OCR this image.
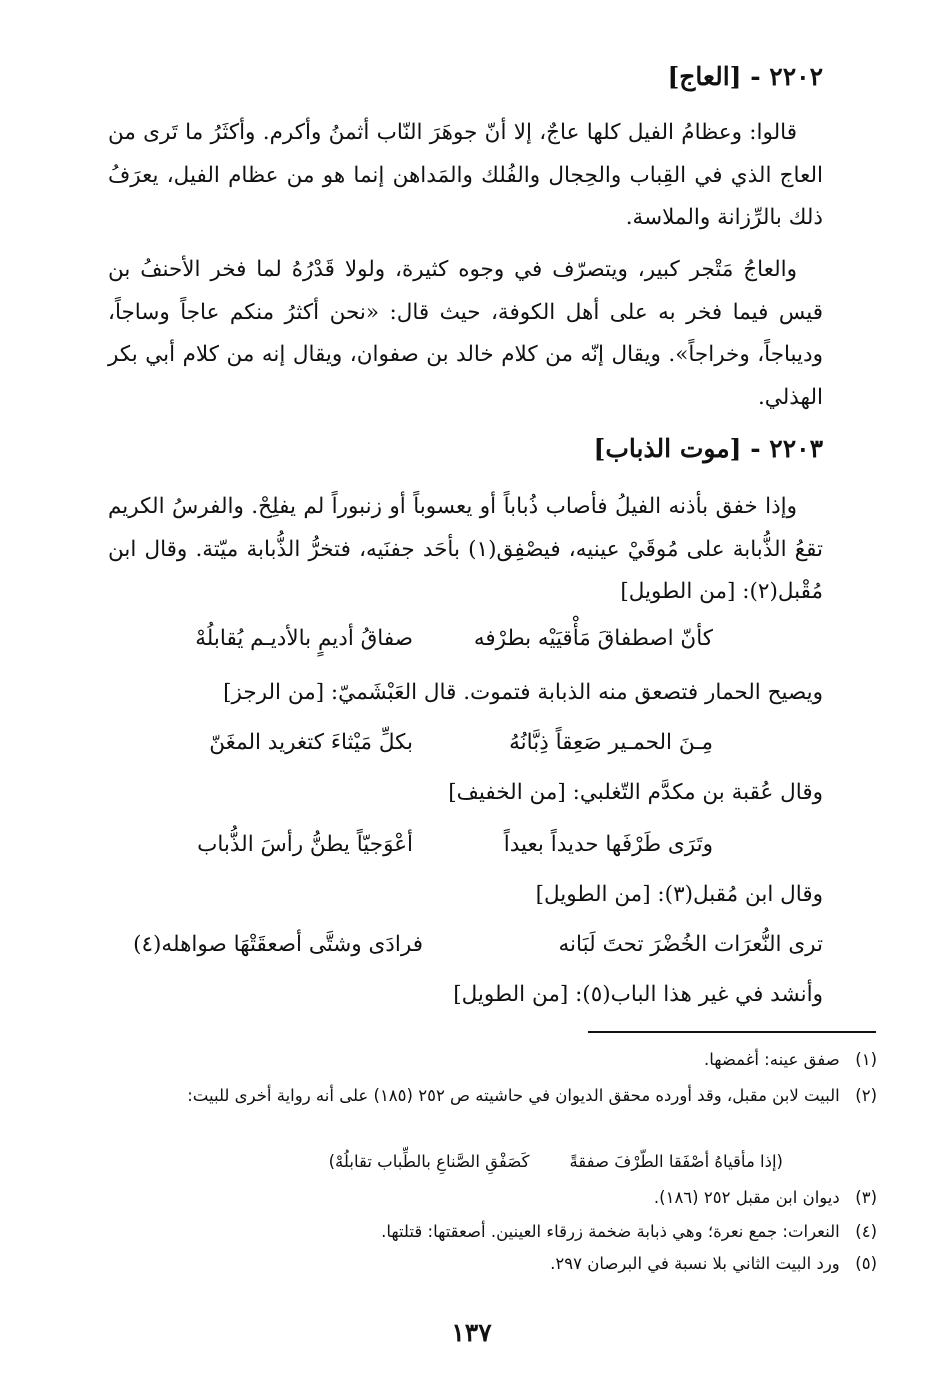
٢٢٠٢ - [العاج]

قالوا: وعظامُ الفيل كلها عاجٌ، إلا أنّ جوهَرَ النّاب أثمنُ وأكرم. وأكثَرُ ما تَرى من العاج الذي في القِباب والحِجال والفُلك والمَداهن إنما هو من عظام الفيل، يعرَفُ ذلك بالرِّزانة والملاسة.

والعاجُ مَتْجر كبير، ويتصرّف في وجوه كثيرة، ولولا قَدْرُهُ لما فخر الأحنفُ بن قيس فيما فخر به على أهل الكوفة، حيث قال: «نحن أكثرُ منكم عاجاً وساجاً، وديباجاً، وخراجاً». ويقال إنّه من كلام خالد بن صفوان، ويقال إنه من كلام أبي بكر الهذلي.

٢٢٠٣ - [موت الذباب]

وإذا خفق بأذنه الفيلُ فأصاب ذُباباً أو يعسوباً أو زنبوراً لم يفلِحْ. والفرسُ الكريم تقعُ الذُّبابة على مُوقَيْ عينيه، فيصْفِق(١) بأحَد جفنَيه، فتخرُّ الذُّبابة ميّتة. وقال ابن مُقْبل(٢): [من الطويل]

كأنّ اصطفاقَ مَأْقيَيْه بطرْفه
صفاقُ أديمٍ بالأديـم يُقابلُهْ
ويصيح الحمار فتصعق منه الذبابة فتموت. قال العَبْشَميّ: [من الرجز]
مِـنَ الحمـير صَعِقاً ذِبَّانُهُ
بكلِّ مَيْثاءَ كتغريد المغَنّ
وقال عُقبة بن مكدَّم التّغلبي: [من الخفيف]
وتَرَى طَرْفَها حديداً بعيداً
أعْوَجيّاً يطنُّ رأسَ الذُّباب
وقال ابن مُقبل(٣): [من الطويل]
ترى النُّعرَات الخُضْرَ تحتَ لَبَانه
فرادَى وشتَّى أصعقَتْهَا صواهله(٤)
وأنشد في غير هذا الباب(٥): [من الطويل]
(١) صفق عينه: أغمضها.
(٢) البيت لابن مقبل، وقد أورده محقق الديوان في حاشيته ص ٢٥٢ (١٨٥) على أنه رواية أخرى للبيت:
(إذا مأقياهُ أصْفَقا الطّرْفَ صفقةًكَصَفْقِ الصَّناعِ بالطِّباب تقابلُهْ)
(٣) ديوان ابن مقبل ٢٥٢ (١٨٦).
(٤) النعرات: جمع نعرة؛ وهي ذبابة ضخمة زرقاء العينين. أصعقتها: قتلتها.
(٥) ورد البيت الثاني بلا نسبة في البرصان ٢٩٧.
١٣٧
